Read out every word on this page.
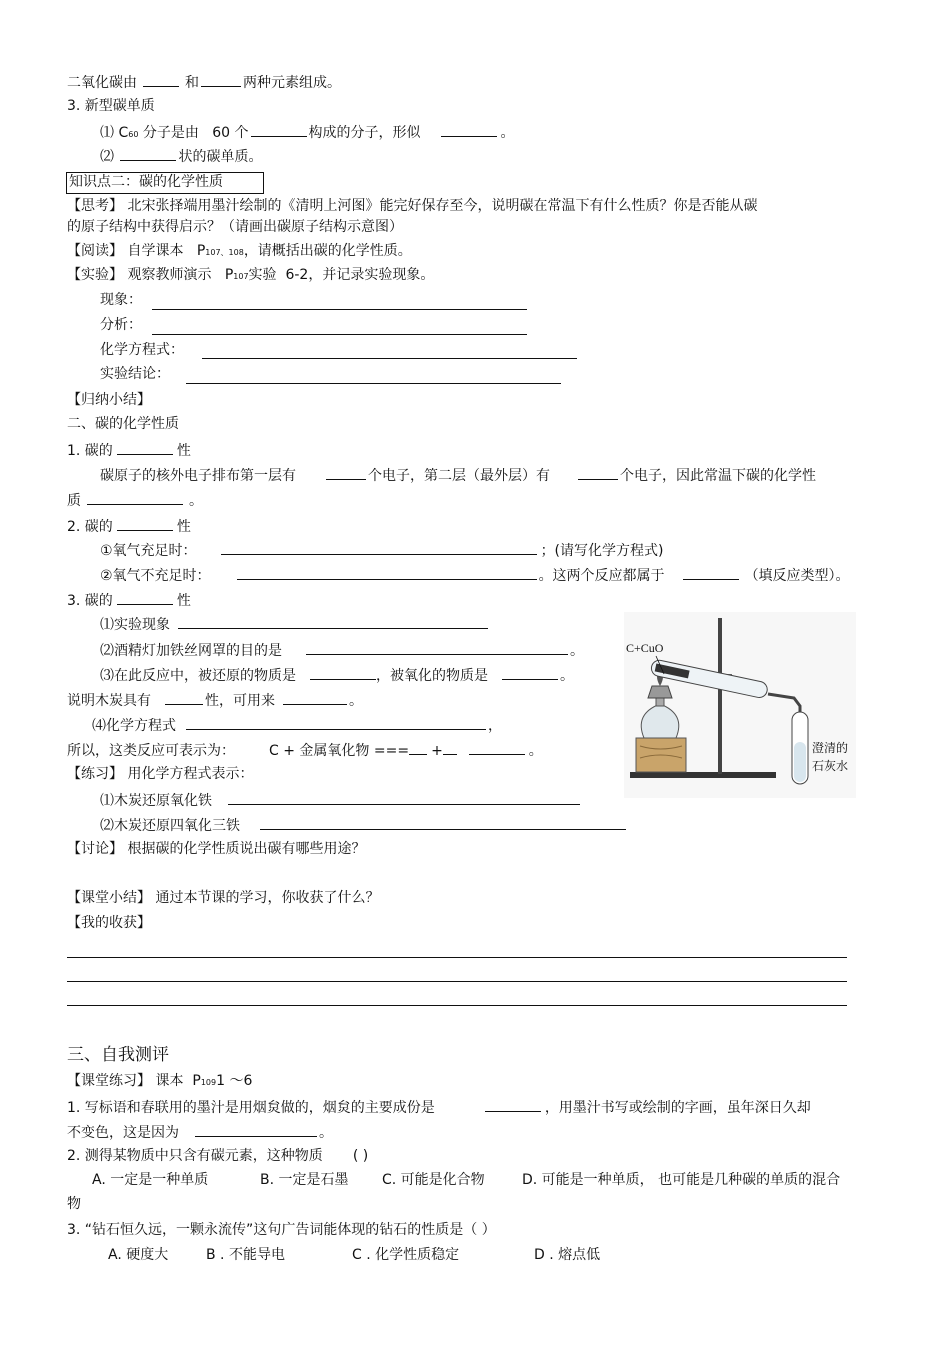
二氧化碳由	和	两种元素组成。
3. 新型碳单质
⑴ C60 分子是由 60 个	构成的分子，形似	。
⑵	状的碳单质。
知识点二：碳的化学性质
【思考】 北宋张择端用墨汁绘制的《清明上河图》能完好保存至今，说明碳在常温下有什么性质？你是否能从碳
的原子结构中获得启示？（请画出碳原子结构示意图）
【阅读】 自学课本 P107、108，请概括出碳的化学性质。
【实验】 观察教师演示 P107实验 6-2，并记录实验现象。
现象：
分析：
化学方程式：
实验结论：
【归纳小结】
二、碳的化学性质
1. 碳的	性
碳原子的核外电子排布第一层有	个电子，第二层（最外层）有	个电子，因此常温下碳的化学性
质	。
2. 碳的	性
①氧气充足时：	；(请写化学方程式)
②氧气不充足时：	。这两个反应都属于	（填反应类型）。
3. 碳的	性
⑴实验现象
⑵酒精灯加铁丝网罩的目的是	。
⑶在此反应中，被还原的物质是	，被氧化的物质是	。
说明木炭具有	性，可用来	。
⑷化学方程式	，
所以，这类反应可表示为： C + 金属氧化物 === +	。
C+CuO
澄清的
石灰水
【练习】 用化学方程式表示：
⑴木炭还原氧化铁
⑵木炭还原四氧化三铁
【讨论】 根据碳的化学性质说出碳有哪些用途？
【课堂小结】 通过本节课的学习，你收获了什么？
【我的收获】
三、自我测评
【课堂练习】 课本 P1091 ～6
1. 写标语和春联用的墨汁是用烟炱做的，烟炱的主要成份是	，用墨汁书写或绘制的字画，虽年深日久却
不变色，这是因为	。
2. 测得某物质中只含有碳元素，这种物质 ( )
A. 一定是一种单质	B. 一定是石墨 C. 可能是化合物	D. 可能是一种单质， 也可能是几种碳的单质的混合
物
3. “钻石恒久远，一颗永流传”这句广告词能体现的钻石的性质是（ ）
A. 硬度大	B . 不能导电	C . 化学性质稳定	D . 熔点低
